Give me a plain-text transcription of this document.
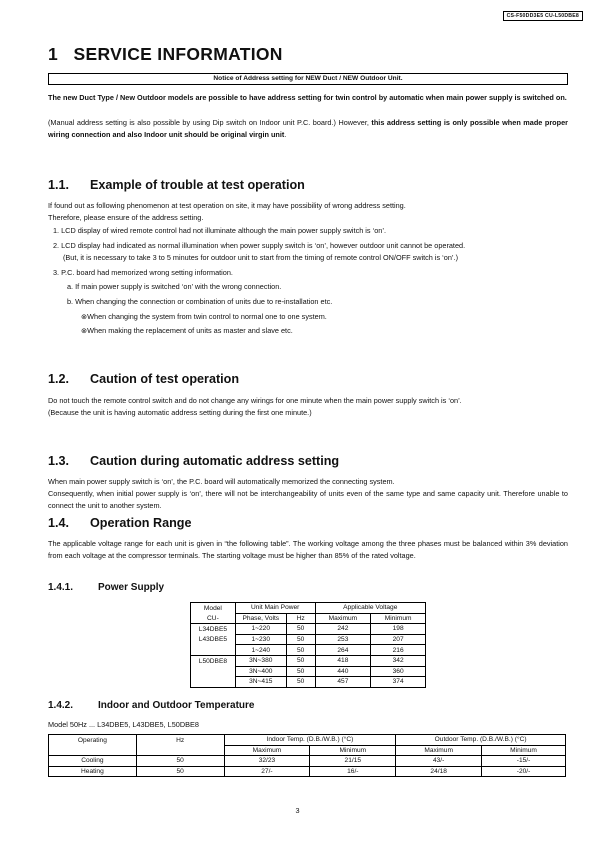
CS-F50DD3E5 CU-L50DBE8
1   SERVICE INFORMATION
Notice of Address setting for NEW Duct / NEW Outdoor Unit.

The new Duct Type / New Outdoor models are possible to have address setting for twin control by automatic when main power supply is switched on.

(Manual address setting is also possible by using Dip switch on Indoor unit P.C. board.) However, this address setting is only possible when made proper wiring connection and also Indoor unit should be original virgin unit.

1.1. Example of trouble at test operation

If found out as following phenomenon at test operation on site, it may have possibility of wrong address setting.

Therefore, please ensure of the address setting.

1. LCD display of wired remote control had not illuminate although the main power supply switch is ‘on’.

2. LCD display had indicated as normal illumination when power supply switch is ‘on’, however outdoor unit cannot be operated.

(But, it is necessary to take 3 to 5 minutes for outdoor unit to start from the timing of remote control ON/OFF switch is ‘on’.)

3. P.C. board had memorized wrong setting information.

a. If main power supply is switched ‘on’ with the wrong connection.

b. When changing the connection or combination of units due to re-installation etc.

⊗When changing the system from twin control to normal one to one system.

⊗When making the replacement of units as master and slave etc.

1.2. Caution of test operation

Do not touch the remote control switch and do not change any wirings for one minute when the main power supply switch is ‘on’.

(Because the unit is having automatic address setting during the first one minute.)

1.3. Caution during automatic address setting

When main power supply switch is ‘on’, the P.C. board will automatically memorized the connecting system.

Consequently, when initial power supply is ‘on’, there will not be interchangeability of units even of the same type and same capacity unit. Therefore unable to connect the unit to another system.

1.4. Operation Range

The applicable voltage range for each unit is given in “the following table”. The working voltage among the three phases must be balanced within 3% deviation from each voltage at the compressor terminals. The starting voltage must be higher than 85% of the rated voltage.

1.4.1. Power Supply
Model	Unit Main Power		Applicable Voltage	
CU-	Phase, Volts	Hz	Maximum	Minimum
L34DBE5	1~220	50	242	198
L43DBE5	1~230	50	253	207
	1~240	50	264	216
L50DBE8	3N~380	50	418	342
	3N~400	50	440	360
	3N~415	50	457	374
1.4.2. Indoor and Outdoor Temperature

Model 50Hz ... L34DBE5, L43DBE5, L50DBE8

Operating	Hz	Indoor Temp. (D.B./W.B.) (°C)		Outdoor Temp. (D.B./W.B.) (°C)	
		Maximum	Minimum	Maximum	Minimum
Cooling	50	32/23	21/15	43/-	-15/-
Heating	50	27/-	16/-	24/18	-20/-
3
